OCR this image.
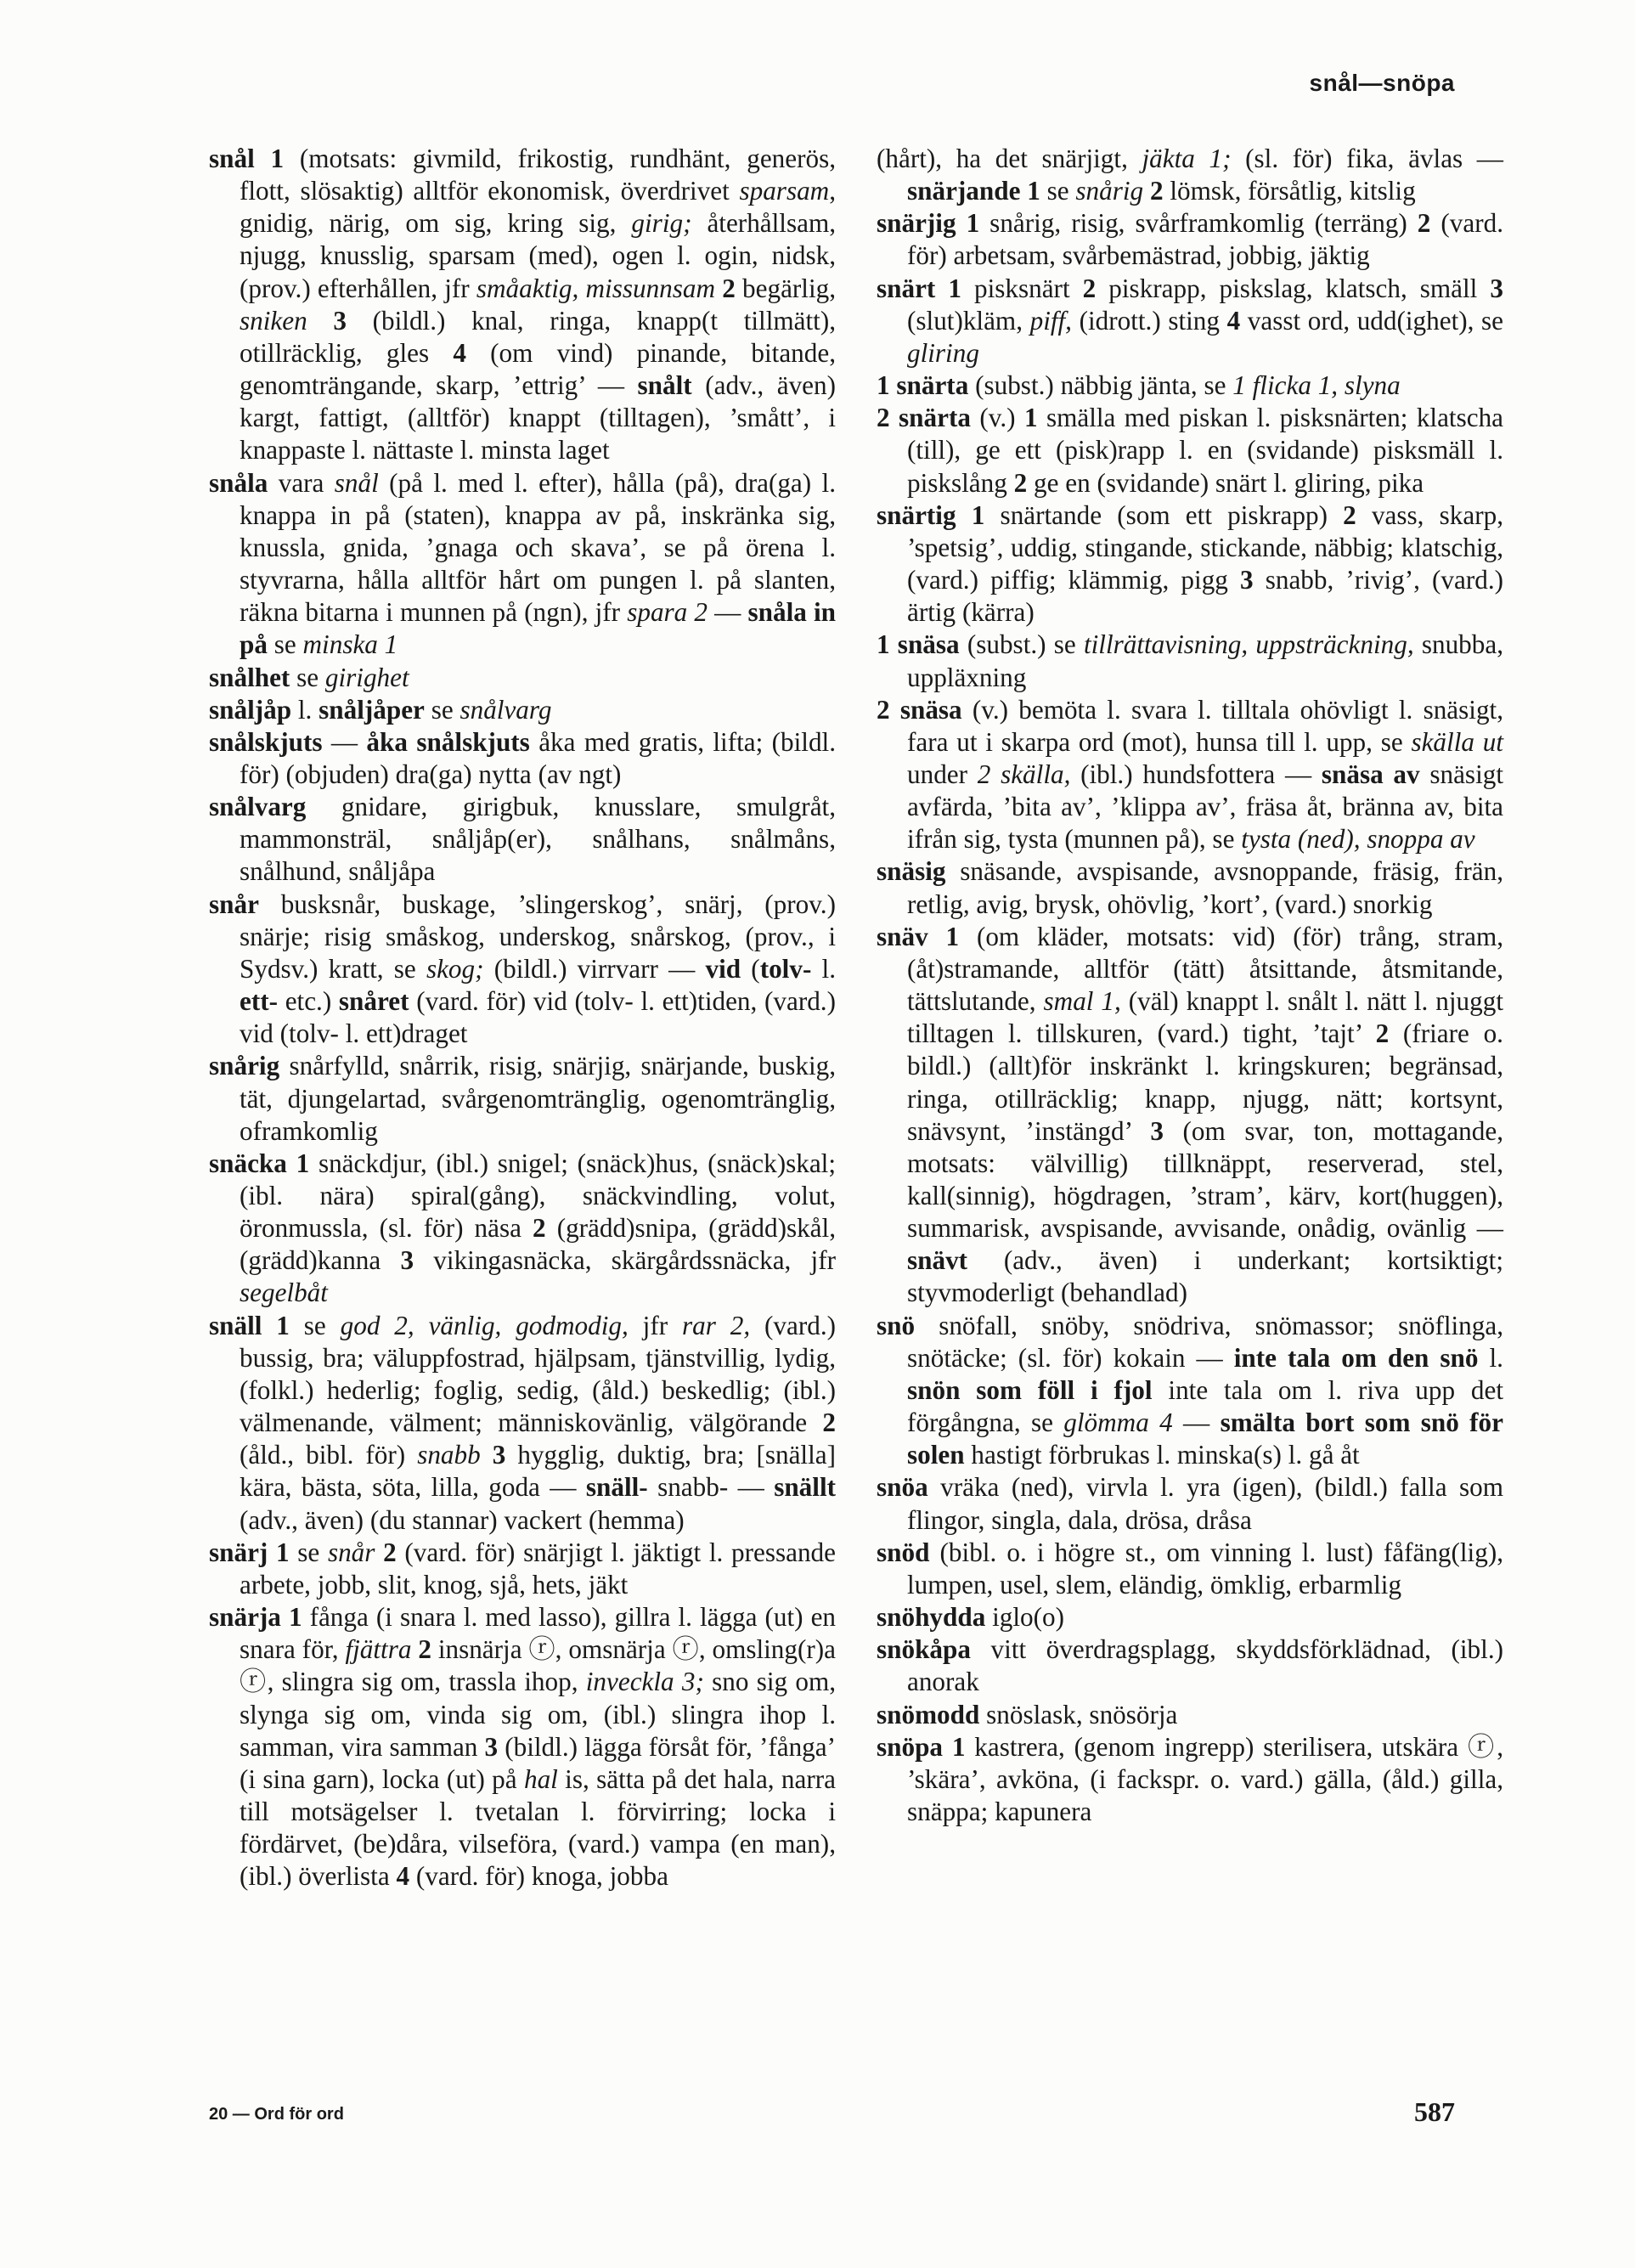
snål—snöpa

snål 1 (motsats: givmild, frikostig, rundhänt, generös, flott, slösaktig) alltför ekonomisk, överdrivet sparsam, gnidig, närig, om sig, kring sig, girig; återhållsam, njugg, knusslig, sparsam (med), ogen l. ogin, nidsk, (prov.) efterhållen, jfr småaktig, missunnsam 2 begärlig, sniken 3 (bildl.) knal, ringa, knapp(t tillmätt), otillräcklig, gles 4 (om vind) pinande, bitande, genomträngande, skarp, ’ettrig’ — snålt (adv., även) kargt, fattigt, (alltför) knappt (tilltagen), ’smått’, i knappaste l. nättaste l. minsta laget

snåla vara snål (på l. med l. efter), hålla (på), dra(ga) l. knappa in på (staten), knappa av på, inskränka sig, knussla, gnida, ’gnaga och skava’, se på örena l. styvrarna, hålla alltför hårt om pungen l. på slanten, räkna bitarna i munnen på (ngn), jfr spara 2 — snåla in på se minska 1

snålhet se girighet

snåljåp l. snåljåper se snålvarg

snålskjuts — åka snålskjuts åka med gratis, lifta; (bildl. för) (objuden) dra(ga) nytta (av ngt)

snålvarg gnidare, girigbuk, knusslare, smulgråt, mammonsträl, snåljåp(er), snålhans, snålmåns, snålhund, snåljåpa

snår busksnår, buskage, ’slingerskog’, snärj, (prov.) snärje; risig småskog, underskog, snårskog, (prov., i Sydsv.) kratt, se skog; (bildl.) virrvarr — vid (tolv- l. ett- etc.) snåret (vard. för) vid (tolv- l. ett)tiden, (vard.) vid (tolv- l. ett)draget

snårig snårfylld, snårrik, risig, snärjig, snärjande, buskig, tät, djungelartad, svårgenomtränglig, ogenomtränglig, oframkomlig

snäcka 1 snäckdjur, (ibl.) snigel; (snäck)hus, (snäck)skal; (ibl. nära) spiral(gång), snäckvindling, volut, öronmussla, (sl. för) näsa 2 (grädd)snipa, (grädd)skål, (grädd)kanna 3 vikingasnäcka, skärgårdssnäcka, jfr segelbåt

snäll 1 se god 2, vänlig, godmodig, jfr rar 2, (vard.) bussig, bra; väluppfostrad, hjälpsam, tjänstvillig, lydig, (folkl.) hederlig; foglig, sedig, (åld.) beskedlig; (ibl.) välmenande, välment; människovänlig, välgörande 2 (åld., bibl. för) snabb 3 hygglig, duktig, bra; [snälla] kära, bästa, söta, lilla, goda — snäll- snabb- — snällt (adv., även) (du stannar) vackert (hemma)

snärj 1 se snår 2 (vard. för) snärjigt l. jäktigt l. pressande arbete, jobb, slit, knog, sjå, hets, jäkt

snärja 1 fånga (i snara l. med lasso), gillra l. lägga (ut) en snara för, fjättra 2 insnärja ⓡ, omsnärja ⓡ, omsling(r)a ⓡ, slingra sig om, trassla ihop, inveckla 3; sno sig om, slynga sig om, vinda sig om, (ibl.) slingra ihop l. samman, vira samman 3 (bildl.) lägga försåt för, ’fånga’ (i sina garn), locka (ut) på hal is, sätta på det hala, narra till motsägelser l. tvetalan l. förvirring; locka i fördärvet, (be)dåra, vilseföra, (vard.) vampa (en man), (ibl.) överlista 4 (vard. för) knoga, jobba

(hårt), ha det snärjigt, jäkta 1; (sl. för) fika, ävlas — snärjande 1 se snårig 2 lömsk, försåtlig, kitslig

snärjig 1 snårig, risig, svårframkomlig (terräng) 2 (vard. för) arbetsam, svårbemästrad, jobbig, jäktig

snärt 1 pisksnärt 2 piskrapp, piskslag, klatsch, smäll 3 (slut)kläm, piff, (idrott.) sting 4 vasst ord, udd(ighet), se gliring

1 snärta (subst.) näbbig jänta, se 1 flicka 1, slyna

2 snärta (v.) 1 smälla med piskan l. pisksnärten; klatscha (till), ge ett (pisk)rapp l. en (svidande) pisksmäll l. piskslång 2 ge en (svidande) snärt l. gliring, pika

snärtig 1 snärtande (som ett piskrapp) 2 vass, skarp, ’spetsig’, uddig, stingande, stickande, näbbig; klatschig, (vard.) piffig; klämmig, pigg 3 snabb, ’rivig’, (vard.) ärtig (kärra)

1 snäsa (subst.) se tillrättavisning, uppsträckning, snubba, uppläxning

2 snäsa (v.) bemöta l. svara l. tilltala ohövligt l. snäsigt, fara ut i skarpa ord (mot), hunsa till l. upp, se skälla ut under 2 skälla, (ibl.) hundsfottera — snäsa av snäsigt avfärda, ’bita av’, ’klippa av’, fräsa åt, bränna av, bita ifrån sig, tysta (munnen på), se tysta (ned), snoppa av

snäsig snäsande, avspisande, avsnoppande, fräsig, frän, retlig, avig, brysk, ohövlig, ’kort’, (vard.) snorkig

snäv 1 (om kläder, motsats: vid) (för) trång, stram, (åt)stramande, alltför (tätt) åtsittande, åtsmitande, tättslutande, smal 1, (väl) knappt l. snålt l. nätt l. njuggt tilltagen l. tillskuren, (vard.) tight, ’tajt’ 2 (friare o. bildl.) (allt)för inskränkt l. kringskuren; begränsad, ringa, otillräcklig; knapp, njugg, nätt; kortsynt, snävsynt, ’instängd’ 3 (om svar, ton, mottagande, motsats: välvillig) tillknäppt, reserverad, stel, kall(sinnig), högdragen, ’stram’, kärv, kort(huggen), summarisk, avspisande, avvisande, onådig, ovänlig — snävt (adv., även) i underkant; kortsiktigt; styvmoderligt (behandlad)

snö snöfall, snöby, snödriva, snömassor; snöflinga, snötäcke; (sl. för) kokain — inte tala om den snö l. snön som föll i fjol inte tala om l. riva upp det förgångna, se glömma 4 — smälta bort som snö för solen hastigt förbrukas l. minska(s) l. gå åt

snöa vräka (ned), virvla l. yra (igen), (bildl.) falla som flingor, singla, dala, drösa, dråsa

snöd (bibl. o. i högre st., om vinning l. lust) fåfäng(lig), lumpen, usel, slem, eländig, ömklig, erbarmlig

snöhydda iglo(o)

snökåpa vitt överdragsplagg, skyddsförklädnad, (ibl.) anorak

snömodd snöslask, snösörja

snöpa 1 kastrera, (genom ingrepp) sterilisera, utskära ⓡ, ’skära’, avköna, (i fackspr. o. vard.) gälla, (åld.) gilla, snäppa; kapunera

20 — Ord för ord	587
